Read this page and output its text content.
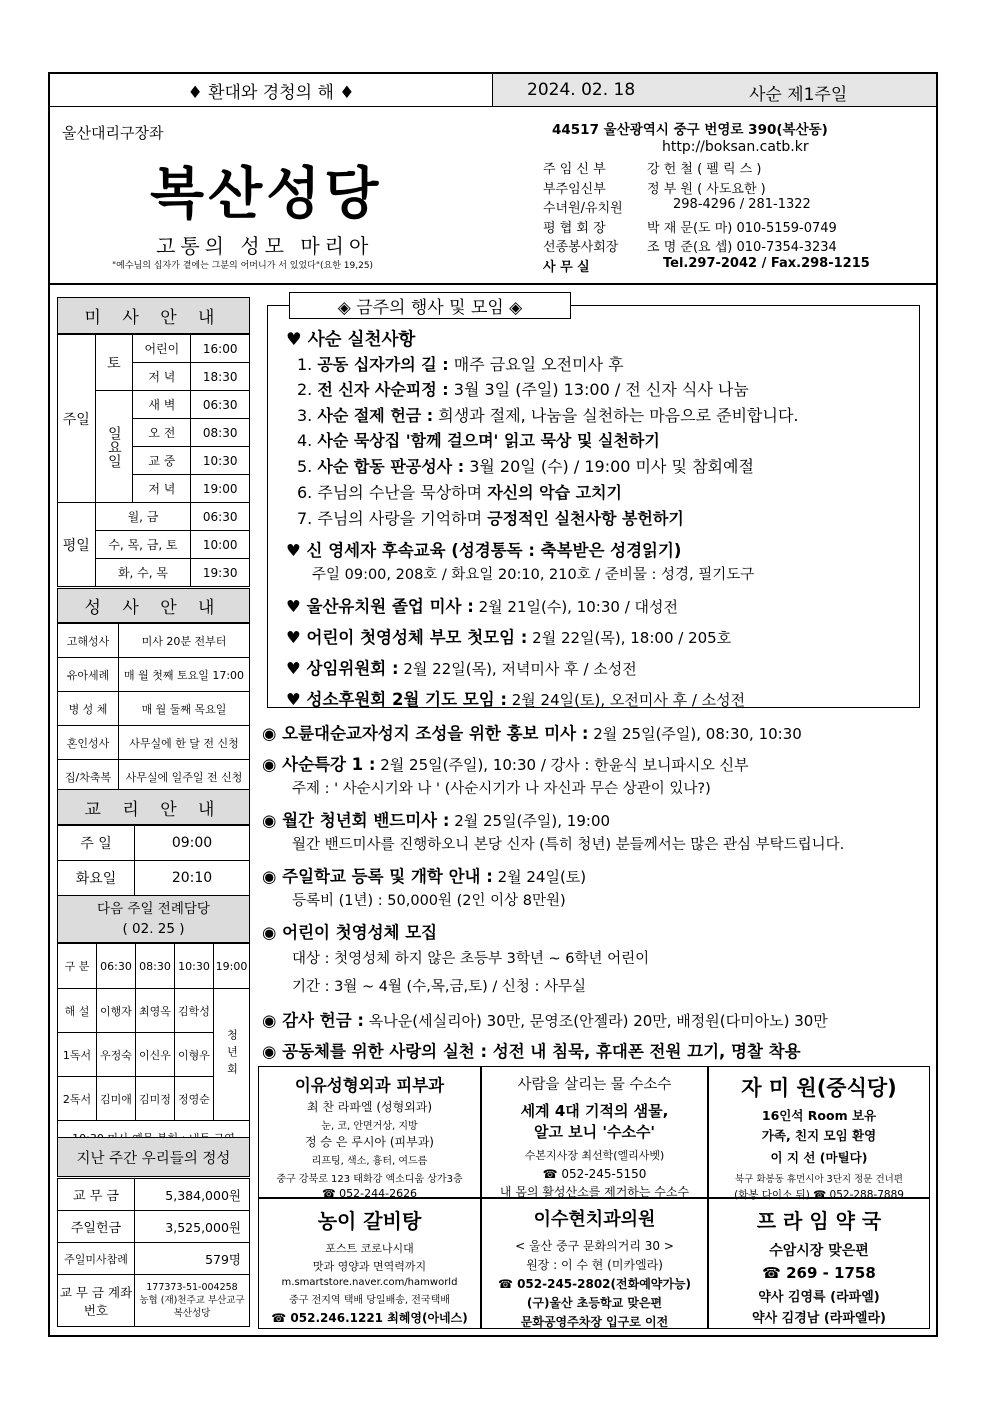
♦ 환대와 경청의 해 ♦	2024. 02. 18	사순 제1주일
울산대리구장좌
복산성당
고통의 성모 마리아
"예수님의 십자가 곁에는 그분의 어머니가 서 있었다"(요한 19,25)
44517 울산광역시 중구 번영로 390(복산동)
http://boksan.catb.kr
주 임 신 부	강 헌 철 ( 펠 릭 스 )
부주임신부	정 부 원 ( 사도요한 )
수녀원/유치원	298-4296 / 281-1322
평 협 회 장	박 재 문(도 마) 010-5159-0749
선종봉사회장 조 명 준(요 셉) 010-7354-3234
사 무 실	Tel.297-2042 / Fax.298-1215
미 사 안 내
주일	토	어린이	16:00
		저 녁	18:30
	일요일	새 벽	06:30
		오 전	08:30
		교 중	10:30
		저 녁	19:00
평일	월, 금		06:30
	수, 목, 금, 토		10:00
	화, 수, 목		19:30
성 사 안 내
고해성사	미사 20분 전부터
유아세례	매 월 첫째 토요일 17:00
병 성 체	매 월 둘째 목요일
혼인성사	사무실에 한 달 전 신청
집/차축복	사무실에 일주일 전 신청
교 리 안 내
주 일	09:00
화요일	20:10
다음 주일 전례담당
( 02. 25 )
구 분	06:30	08:30	10:30	19:00
해 설	이행자	최영옥	김학성	청년회
1독서	우정숙	이신우	이형우	
2독서	김미애	김미정	정영순	

지난 주간 우리들의 정성
교 무 금	5,384,000원
주일헌금	3,525,000원
주일미사참례	579명
교 무 금 계좌번호	177373-51-004258
농협 (재)천주교 부산교구 복산성당
◈ 금주의 행사 및 모임 ◈
♥ 사순 실천사항
1. 공동 십자가의 길 : 매주 금요일 오전미사 후
2. 전 신자 사순피정 : 3월 3일 (주일) 13:00 / 전 신자 식사 나눔
3. 사순 절제 헌금 : 희생과 절제, 나눔을 실천하는 마음으로 준비합니다.
4. 사순 묵상집 '함께 걸으며' 읽고 묵상 및 실천하기
5. 사순 합동 판공성사 : 3월 20일 (수) / 19:00 미사 및 참회예절
6. 주님의 수난을 묵상하며 자신의 악습 고치기
7. 주님의 사랑을 기억하며 긍정적인 실천사항 봉헌하기
♥ 신 영세자 후속교육 (성경통독 : 축복받은 성경읽기)
주일 09:00, 208호 / 화요일 20:10, 210호 / 준비물 : 성경, 필기도구
♥ 울산유치원 졸업 미사 : 2월 21일(수), 10:30 / 대성전
♥ 어린이 첫영성체 부모 첫모임 : 2월 22일(목), 18:00 / 205호
♥ 상임위원회 : 2월 22일(목), 저녁미사 후 / 소성전
♥ 성소후원회 2월 기도 모임 : 2월 24일(토), 오전미사 후 / 소성전
◉ 오륜대순교자성지 조성을 위한 홍보 미사 : 2월 25일(주일), 08:30, 10:30
◉ 사순특강 1 : 2월 25일(주일), 10:30 / 강사 : 한윤식 보니파시오 신부
주제 : ' 사순시기와 나 ' (사순시기가 나 자신과 무슨 상관이 있나?)
◉ 월간 청년회 밴드미사 : 2월 25일(주일), 19:00
월간 밴드미사를 진행하오니 본당 신자 (특히 청년) 분들께서는 많은 관심 부탁드립니다.
◉ 주일학교 등록 및 개학 안내 : 2월 24일(토)
등록비 (1년) : 50,000원 (2인 이상 8만원)
◉ 어린이 첫영성체 모집
대상 : 첫영성체 하지 않은 초등부 3학년 ~ 6학년 어린이
기간 : 3월 ~ 4월 (수,목,금,토) / 신청 : 사무실
◉ 감사 헌금 : 옥나운(세실리아) 30만, 문영조(안젤라) 20만, 배정원(다미아노) 30만
◉ 공동체를 위한 사랑의 실천 : 성전 내 침묵, 휴대폰 전원 끄기, 명찰 착용
이유성형외과 피부과
최 찬 라파엘 (성형외과)
눈, 코, 안면거상, 지방
정 승 은 루시아 (피부과)
리프팅, 색소, 흉터, 여드름
중구 강북로 123 태화강 엑소디움 상가3층
☎ 052-244-2626
사람을 살리는 물 수소수
세계 4대 기적의 샘물,
알고 보니 '수소수'
수본지사장 최선학(엘리사벳)
☎ 052-245-5150
내 몸의 활성산소를 제거하는 수소수
자 미 원(중식당)
16인석 Room 보유
가족, 친지 모임 환영
이 지 선 (마틸다)
북구 화봉동 휴먼시아 3단지 정문 건너편
(화봉 다이소 뒤) ☎ 052-288-7889
농이 갈비탕
포스트 코로나시대
맛과 영양과 면역력까지
m.smartstore.naver.com/hamworld
중구 전지역 택배 당일배송, 전국택배
☎ 052.246.1221 최혜영(아네스)
이수현치과의원
< 울산 중구 문화의거리 30 >
원장 : 이 수 현 (미카엘라)
☎ 052-245-2802(전화예약가능)
(구)울산 초등학교 맞은편
문화공영주차장 입구로 이전
프 라 임 약 국
수암시장 맞은편
☎ 269 - 1758
약사 김영륵 (라파엘)
약사 김경남 (라파엘라)
